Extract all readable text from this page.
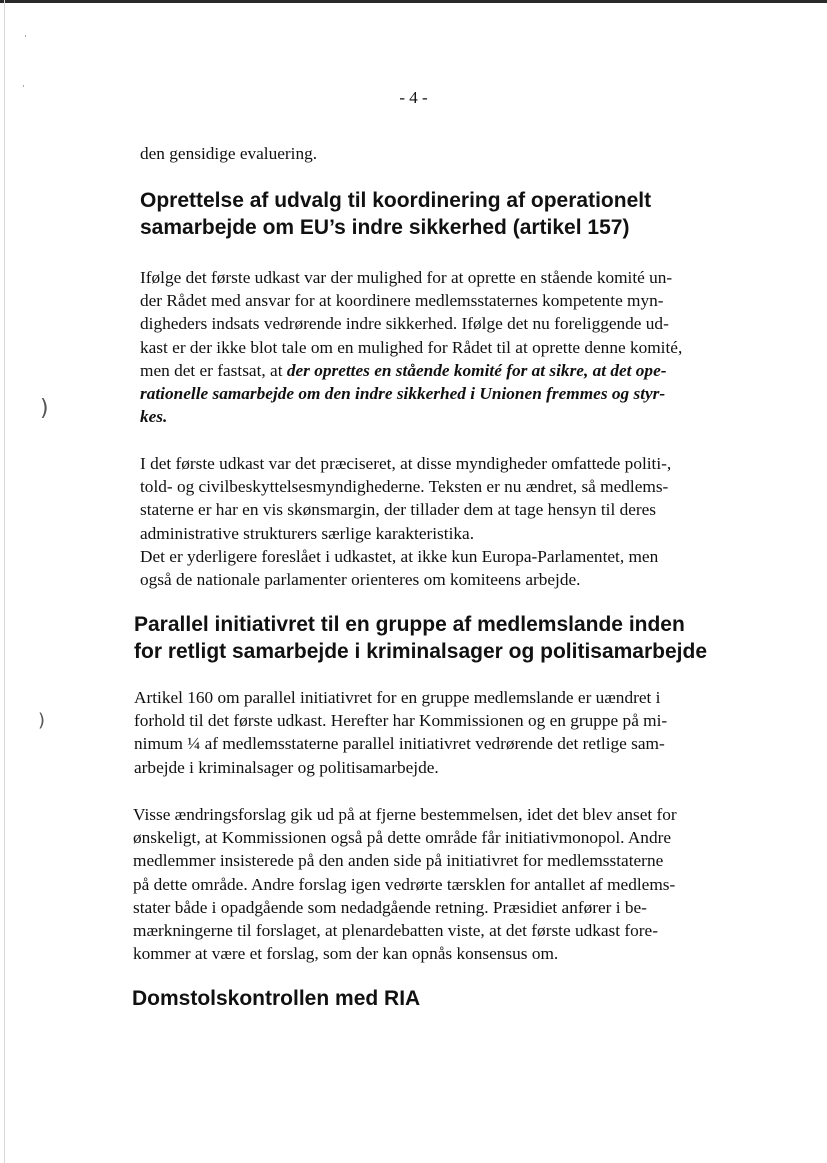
·
·
)
)
- 4 -

den gensidige evaluering.

Oprettelse af udvalg til koordinering af operationelt
samarbejde om EU’s indre sikkerhed (artikel 157)

Ifølge det første udkast var der mulighed for at oprette en stående komité un-
der Rådet med ansvar for at koordinere medlemsstaternes kompetente myn-
digheders indsats vedrørende indre sikkerhed. Ifølge det nu foreliggende ud-
kast er der ikke blot tale om en mulighed for Rådet til at oprette denne komité,
men det er fastsat, at der oprettes en stående komité for at sikre, at det ope-
rationelle samarbejde om den indre sikkerhed i Unionen fremmes og styr-
kes.

I det første udkast var det præciseret, at disse myndigheder omfattede politi-,
told- og civilbeskyttelsesmyndighederne. Teksten er nu ændret, så medlems-
staterne er har en vis skønsmargin, der tillader dem at tage hensyn til deres
administrative strukturers særlige karakteristika.
Det er yderligere foreslået i udkastet, at ikke kun Europa-Parlamentet, men
også de nationale parlamenter orienteres om komiteens arbejde.

Parallel initiativret til en gruppe af medlemslande inden
for retligt samarbejde i kriminalsager og politisamarbejde

Artikel 160 om parallel initiativret for en gruppe medlemslande er uændret i
forhold til det første udkast. Herefter har Kommissionen og en gruppe på mi-
nimum ¼ af medlemsstaterne parallel initiativret vedrørende det retlige sam-
arbejde i kriminalsager og politisamarbejde.

Visse ændringsforslag gik ud på at fjerne bestemmelsen, idet det blev anset for
ønskeligt, at Kommissionen også på dette område får initiativmonopol. Andre
medlemmer insisterede på den anden side på initiativret for medlemsstaterne
på dette område. Andre forslag igen vedrørte tærsklen for antallet af medlems-
stater både i opadgående som nedadgående retning. Præsidiet anfører i be-
mærkningerne til forslaget, at plenardebatten viste, at det første udkast fore-
kommer at være et forslag, som der kan opnås konsensus om.

Domstolskontrollen med RIA
